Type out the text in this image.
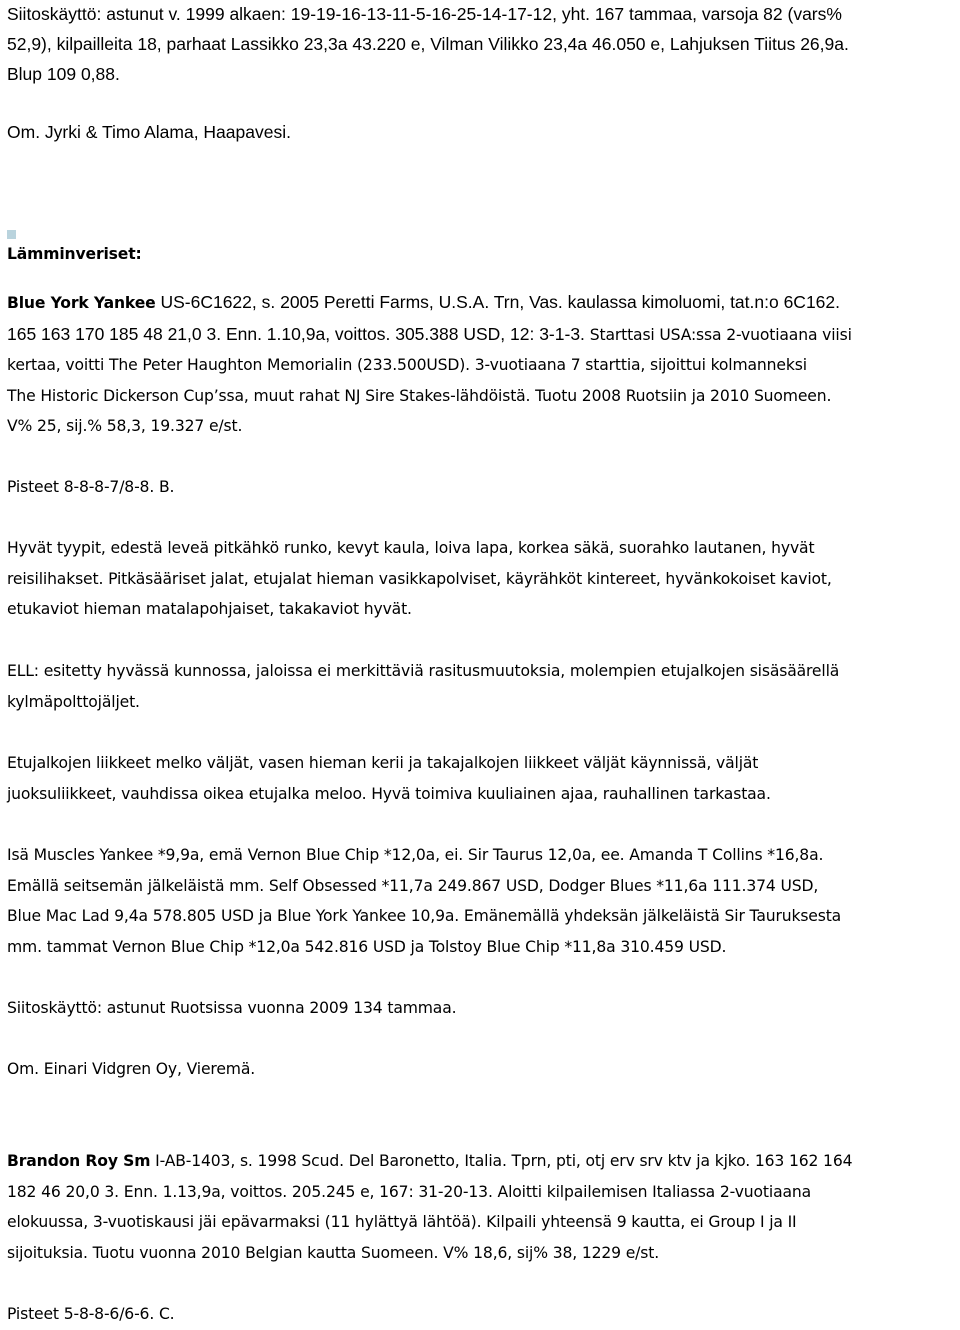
Siitoskäyttö: astunut v. 1999 alkaen: 19-19-16-13-11-5-16-25-14-17-12, yht. 167 tammaa, varsoja 82 (vars%
52,9), kilpailleita 18, parhaat Lassikko 23,3a 43.220 e, Vilman Vilikko 23,4a 46.050 e, Lahjuksen Tiitus 26,9a.
Blup 109 0,88.
Om. Jyrki & Timo Alama, Haapavesi.
Lämminveriset:
Blue York Yankee US-6C1622, s. 2005 Peretti Farms, U.S.A. Trn, Vas. kaulassa kimoluomi, tat.n:o 6C162.
165 163 170 185 48 21,0 3. Enn. 1.10,9a, voittos. 305.388 USD, 12: 3-1-3. Starttasi USA:ssa 2-vuotiaana viisi
kertaa, voitti The Peter Haughton Memorialin (233.500USD). 3-vuotiaana 7 starttia, sijoittui kolmanneksi
The Historic Dickerson Cup’ssa, muut rahat NJ Sire Stakes-lähdöistä. Tuotu 2008 Ruotsiin ja 2010 Suomeen.
V% 25, sij.% 58,3, 19.327 e/st.
Pisteet 8-8-8-7/8-8. B.
Hyvät tyypit, edestä leveä pitkähkö runko, kevyt kaula, loiva lapa, korkea säkä, suorahko lautanen, hyvät
reisilihakset. Pitkäsääriset jalat, etujalat hieman vasikkapolviset, käyrähköt kintereet, hyvänkokoiset kaviot,
etukaviot hieman matalapohjaiset, takakaviot hyvät.
ELL: esitetty hyvässä kunnossa, jaloissa ei merkittäviä rasitusmuutoksia, molempien etujalkojen sisäsäärellä
kylmäpolttojäljet.
Etujalkojen liikkeet melko väljät, vasen hieman kerii ja takajalkojen liikkeet väljät käynnissä, väljät
juoksuliikkeet, vauhdissa oikea etujalka meloo. Hyvä toimiva kuuliainen ajaa, rauhallinen tarkastaa.
Isä Muscles Yankee *9,9a, emä Vernon Blue Chip *12,0a, ei. Sir Taurus 12,0a, ee. Amanda T Collins *16,8a.
Emällä seitsemän jälkeläistä mm. Self Obsessed *11,7a 249.867 USD, Dodger Blues *11,6a 111.374 USD,
Blue Mac Lad 9,4a 578.805 USD ja Blue York Yankee 10,9a. Emänemällä yhdeksän jälkeläistä Sir Tauruksesta
mm. tammat Vernon Blue Chip *12,0a 542.816 USD ja Tolstoy Blue Chip *11,8a 310.459 USD.
Siitoskäyttö: astunut Ruotsissa vuonna 2009 134 tammaa.
Om. Einari Vidgren Oy, Vieremä.
Brandon Roy Sm I-AB-1403, s. 1998 Scud. Del Baronetto, Italia. Tprn, pti, otj erv srv ktv ja kjko. 163 162 164
182 46 20,0 3. Enn. 1.13,9a, voittos. 205.245 e, 167: 31-20-13. Aloitti kilpailemisen Italiassa 2-vuotiaana
elokuussa, 3-vuotiskausi jäi epävarmaksi (11 hylättyä lähtöä). Kilpaili yhteensä 9 kautta, ei Group I ja II
sijoituksia. Tuotu vuonna 2010 Belgian kautta Suomeen. V% 18,6, sij% 38, 1229 e/st.
Pisteet 5-8-8-6/6-6. C.
